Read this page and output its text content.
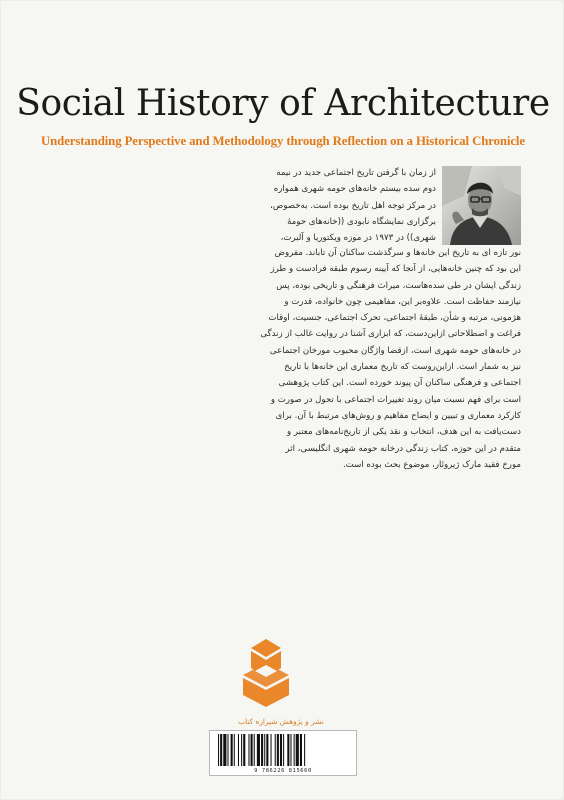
Social History of Architecture
Understanding Perspective and Methodology through Reflection on a Historical Chronicle
از زمان با گرفتن تاریخ اجتماعی جدید در نیمه
دوم سده بیستم خانه‌های حومه شهری همواره
در مرکز توجه اهل تاریخ بوده است. به‌خصوص،
برگزاری نمایشگاه نابودی ((خانه‌های حومهٔ
شهری)) در ۱۹۷۳ در موزه ویکتوریا و آلبرت،
نور تازه ای به تاریخ این خانه‌ها و سرگذشت ساکنان آن تاباند. مفروض
این بود که چنین خانه‌هایی، از آنجا که آیینه رسوم طبقه فرادست و طرز
زندگی ایشان در طی سده‌هاست، میراث فرهنگی و تاریخی بوده، پس
نیازمند حفاظت است. علاوه‌بر این، مفاهیمی چون خانواده، قدرت و
هژمونی، مرتبه و شأن، طبقهٔ اجتماعی، تحرک اجتماعی، جنسیت، اوقات
فراغت و اصطلاحاتی ازاین‌دست، که ابزاری آشنا در روایت غالب از زندگی
در خانه‌های حومه شهری است، ازقضا واژگان محبوب مورخان اجتماعی
نیز به شمار است. ازاین‌روست که تاریخ معماری این خانه‌ها با تاریخ
اجتماعی و فرهنگی ساکنان آن پیوند خورده است. این کتاب پژوهشی
است برای فهم نسبت میان روند تغییرات اجتماعی با تحول در صورت و
کارکرد معماری و تبیین و ایضاح مفاهیم و روش‌های مرتبط با آن. برای
دست‌یافت به این هدف، انتخاب و نقد یکی از تاریخ‌نامه‌های معتبر و
متقدم در این حوزه، کتاب زندگی درخانه حومه شهری انگلیسی، اثر
مورخ فقید مارک ژیروئار، موضوع بحث بوده است.
نشر و پژوهش شیرازه کتاب
9 786226 815660
